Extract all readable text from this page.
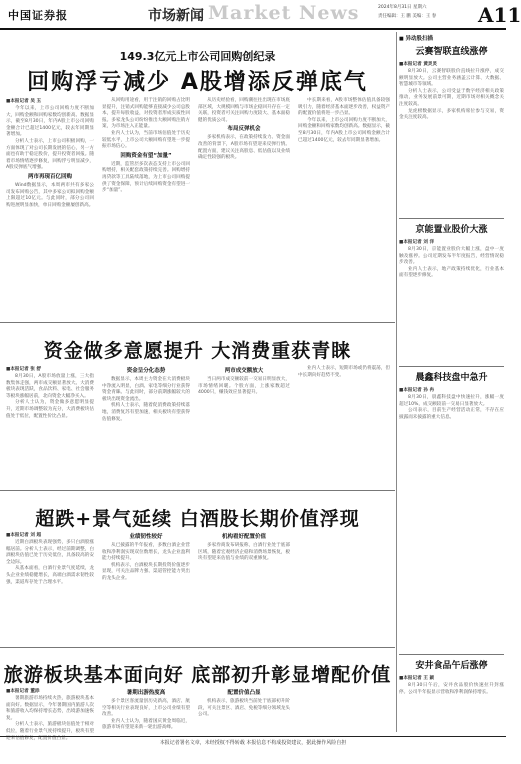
中国证券报	市场新闻 Market News	2024年8月31日 星期六
责任编辑：王 鹏 美编：王 春 A11
149.3亿元上市公司回购创纪录
回购浮亏减少 A股增添反弹底气
■本报记者 吴 玉

今年以来，上市公司回购力度不断加大，回购金额和回购家数均创新高。数据显示，截至8月30日，年内A股上市公司回购金额合计已超过1400亿元，较去年同期显著增加。

分析人士表示，上市公司积极回购，一方面体现了对公司长期发展的信心，另一方面也有助于稳定股价，提升投资者回报。随着市场情绪逐步修复，回购浮亏明显减少，A股反弹底气增强。

两市再现百亿回购

Wind数据显示，本周两市共有多家公司发布回购公告，其中多家公司拟回购金额上限超过10亿元。与此同时，部分公司回购进展明显加快，单日回购金额屡创新高。

从回购用途看，用于注销的回购占比明显提升，注销式回购能够直接减少公司总股本，提升每股收益，对投资者形成实质性回报。多家龙头公司纷纷推出大额回购注销方案，为市场注入正能量。

业内人士认为，当前市场估值处于历史较低水平，上市公司大额回购有望进一步提振市场信心。

回购资金有望“加量”

近期，监管层多次表态支持上市公司回购增持，相关配套政策持续完善。回购增持再贷款等工具陆续落地，为上市公司回购提供了资金保障，预计后续回购资金有望进一步“加量”。

从历史经验看，回购潮往往出现在市场底部区域，大规模回购与市场企稳回升存在一定关联，投资者可关注回购力度较大、基本面稳健的优质公司。

布局反弹机会

多家机构表示，在政策持续发力、资金面改善的背景下，A股市场有望迎来反弹行情。配置方面，建议关注高股息、低估值以及业绩确定性较强的板块。

中长期来看，A股市场整体估值具备较强吸引力，随着经济基本面逐步改善，权益资产的配置价值将进一步凸显。

今年以来，上市公司回购力度不断加大，回购金额和回购家数均创新高。数据显示，截至8月30日，年内A股上市公司回购金额合计已超过1400亿元，较去年同期显著增加。

资金做多意愿提升 大消费重获青睐
■本报记者 张 舒

8月30日，A股市场放量上涨，三大指数集体走强，两市成交额显著放大。大消费板块表现活跃，食品饮料、家电、社会服务等板块涨幅居前，北向资金大幅净买入。

分析人士认为，资金做多意愿明显提升，近期市场调整较为充分，大消费板块估值处于低位，配置性价比凸显。

资金呈分化态势

数据显示，本周主力资金在大消费板块中净流入明显，白酒、家电等细分行业获得资金青睐。与此同时，部分前期涨幅较大的板块出现资金流出。

机构人士表示，随着促消费政策持续落地，消费复苏有望加速，相关板块有望获得估值修复。

两市成交额放大

当日两市成交额较前一交易日明显放大，市场情绪回暖。个股方面，上涨家数超过4000只，赚钱效应显著提升。

业内人士表示，短期市场或仍将震荡，但中长期向好趋势不变。

超跌+景气延续 白酒股长期价值浮现
■本报记者 刘 超

近期白酒板块表现强势，多只白酒股涨幅居前。分析人士表示，经过前期调整，白酒板块估值已处于历史低位，具备较高的安全边际。

从基本面看，白酒行业景气度延续，龙头企业业绩稳健增长，高端白酒需求韧性较强，渠道库存处于合理水平。

业绩韧性较好

从已披露的半年报看，多数白酒企业营收和净利润实现双位数增长，龙头企业盈利能力持续提升。

机构表示，白酒板块长期投资价值逐步显现，可关注品牌力强、渠道管控能力突出的龙头企业。

机构看好配置价值

多家券商发布研报称，白酒行业处于底部区域，随着宏观经济企稳和消费场景恢复，板块有望迎来估值与业绩的双重修复。

旅游板块基本面向好 底部初升彰显增配价值
■本报记者 董添

暑期旅游市场持续火热，旅游板块基本面向好。数据显示，今年暑期国内旅游人次和旅游收入均保持增长态势，出境游加速恢复。

分析人士表示，旅游板块估值处于相对低位，随着行业景气度持续提升，板块有望迎来估值修复，配置价值凸显。

暑期出游热度高

多个景区客流量创历史新高，酒店、航空等相关行业表现良好，上市公司业绩有望改善。

业内人士认为，随着国庆黄金周临近，旅游市场有望迎来新一轮出游高峰。

配置价值凸显

机构表示，旅游板块当前处于底部初升阶段，可关注景区、酒店、免税等细分领域龙头公司。

■ 异动股扫描
云赛智联直线涨停
■本报记者 黄灵灵

8月30日，云赛智联股价直线拉升涨停，成交额明显放大。公司主营业务涵盖云计算、大数据、智慧城市等领域。

分析人士表示，公司受益于数字经济相关政策推动，业务发展前景可期，近期市场对相关概念关注度较高。

龙虎榜数据显示，多家机构席位参与交易，资金关注度较高。

京能置业股价大涨
■本报记者 刘 洋

8月30日，京能置业股价大幅上涨，盘中一度触及涨停。公司近期发布半年度报告，经营情况稳步改善。

业内人士表示，地产政策持续优化，行业基本面有望逐步修复。

晨鑫科技盘中急升
■本报记者 孙 冉

8月30日，晨鑫科技盘中快速拉升，涨幅一度超过10%，成交额较前一交易日显著放大。

公司表示，目前生产经营活动正常，不存在应披露而未披露的重大信息。

安井食品午后涨停
■本报记者 王 颖

8月30日午后，安井食品股价快速拉升封涨停。公司半年报显示营收和净利润保持增长。

本报记者署名文章，未经授权不得转载 本报信息不构成投资建议，据此操作风险自担
